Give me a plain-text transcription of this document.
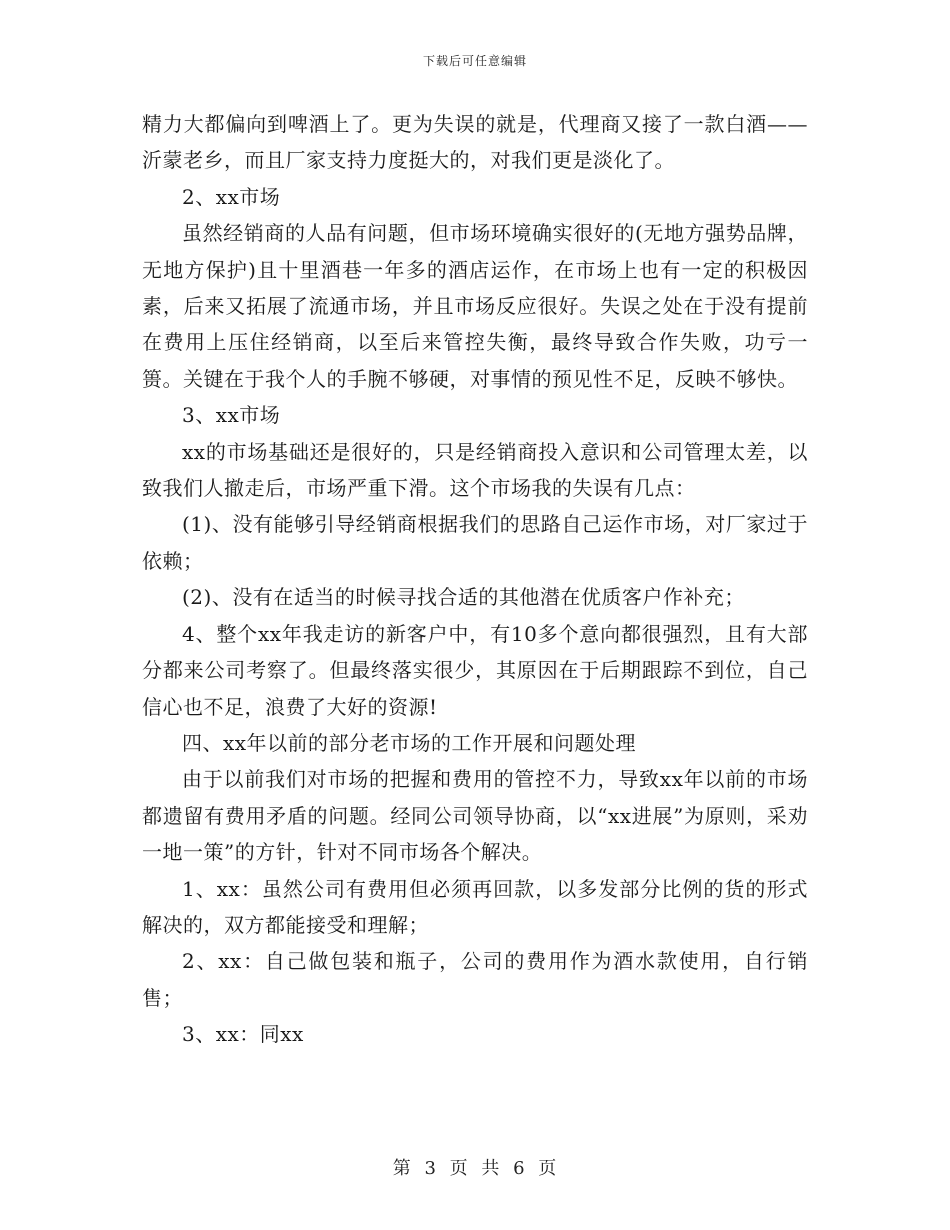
下载后可任意编辑

精力大都偏向到啤酒上了。更为失误的就是，代理商又接了一款白酒——沂蒙老乡，而且厂家支持力度挺大的，对我们更是淡化了。

2、xx市场

虽然经销商的人品有问题，但市场环境确实很好的(无地方强势品牌，无地方保护)且十里酒巷一年多的酒店运作，在市场上也有一定的积极因素，后来又拓展了流通市场，并且市场反应很好。失误之处在于没有提前在费用上压住经销商，以至后来管控失衡，最终导致合作失败，功亏一篑。关键在于我个人的手腕不够硬，对事情的预见性不足，反映不够快。

3、xx市场

xx的市场基础还是很好的，只是经销商投入意识和公司管理太差，以致我们人撤走后，市场严重下滑。这个市场我的失误有几点：

(1)、没有能够引导经销商根据我们的思路自己运作市场，对厂家过于依赖；

(2)、没有在适当的时候寻找合适的其他潜在优质客户作补充；

4、整个xx年我走访的新客户中，有10多个意向都很强烈，且有大部分都来公司考察了。但最终落实很少，其原因在于后期跟踪不到位，自己信心也不足，浪费了大好的资源!

四、xx年以前的部分老市场的工作开展和问题处理

由于以前我们对市场的把握和费用的管控不力，导致xx年以前的市场都遗留有费用矛盾的问题。经同公司领导协商，以“xx进展”为原则，采劝一地一策”的方针，针对不同市场各个解决。

1、xx：虽然公司有费用但必须再回款，以多发部分比例的货的形式解决的，双方都能接受和理解；

2、xx：自己做包装和瓶子，公司的费用作为酒水款使用，自行销售；

3、xx：同xx

第 3 页 共 6 页
